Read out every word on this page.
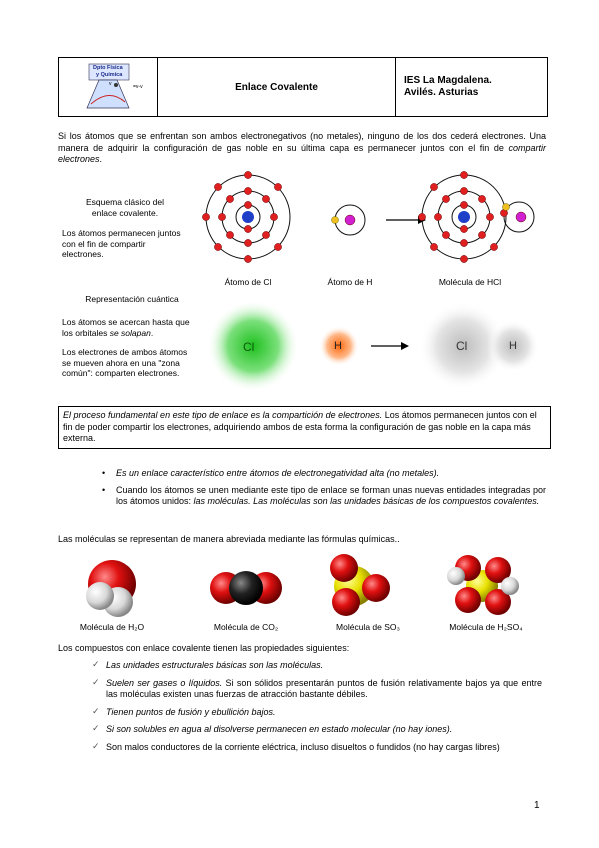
v	=v-v
Dpto Física
y Química
Enlace Covalente
IES La Magdalena.
Avilés. Asturias
Si los átomos que se enfrentan son ambos electronegativos (no metales), ninguno de los dos cederá electrones. Una manera de adquirir la configuración de gas noble en su última capa es permanecer juntos con el fin de compartir electrones.
Esquema clásico del
enlace covalente.
Los átomos permanecen juntos con el fin de compartir electrones.
Átomo de Cl	Átomo de H	Molécula de HCl
Representación cuántica
Los átomos se acercan hasta que los orbitales se solapan.
Los electrones de ambos átomos se mueven ahora en una "zona común": comparten electrones.
Cl	H	Cl	H
El proceso fundamental en este tipo de enlace es la compartición de electrones. Los átomos permanecen juntos con el fin de poder compartir los electrones, adquiriendo ambos de esta forma la configuración de gas noble en la capa más externa.
• Es un enlace característico entre átomos de electronegatividad alta (no metales).
• Cuando los átomos se unen mediante este tipo de enlace se forman unas nuevas entidades integradas por los átomos unidos: las moléculas. Las moléculas son las unidades básicas de los compuestos covalentes.
Las moléculas se representan de manera abreviada mediante las fórmulas químicas..
Molécula de H₂O	Molécula de CO₂	Molécula de SO₃	Molécula de H₂SO₄
Los compuestos con enlace covalente tienen las propiedades siguientes:
✓ Las unidades estructurales básicas son las moléculas.
✓ Suelen ser gases o líquidos. Si son sólidos presentarán puntos de fusión relativamente bajos ya que entre las moléculas existen unas fuerzas de atracción bastante débiles.
✓ Tienen puntos de fusión y ebullición bajos.
✓ Si son solubles en agua al disolverse permanecen en estado molecular (no hay iones).
✓ Son malos conductores de la corriente eléctrica, incluso disueltos o fundidos (no hay cargas libres)
1
